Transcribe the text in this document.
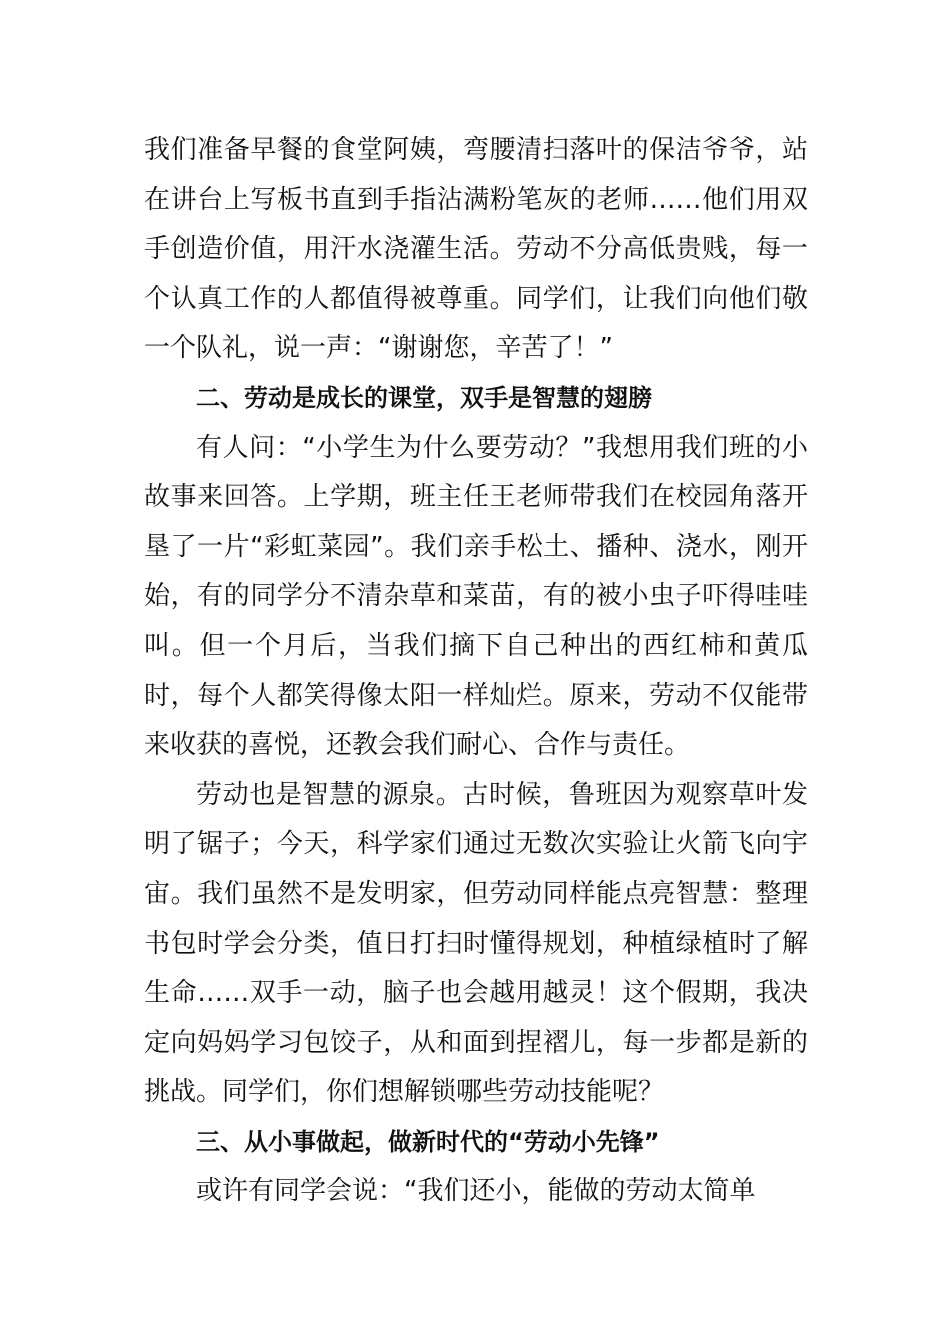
我们准备早餐的食堂阿姨，弯腰清扫落叶的保洁爷爷，站在讲台上写板书直到手指沾满粉笔灰的老师……他们用双手创造价值，用汗水浇灌生活。劳动不分高低贵贱，每一个认真工作的人都值得被尊重。同学们，让我们向他们敬一个队礼，说一声：“谢谢您，辛苦了！”

二、劳动是成长的课堂，双手是智慧的翅膀

有人问：“小学生为什么要劳动？”我想用我们班的小故事来回答。上学期，班主任王老师带我们在校园角落开垦了一片“彩虹菜园”。我们亲手松土、播种、浇水，刚开始，有的同学分不清杂草和菜苗，有的被小虫子吓得哇哇叫。但一个月后，当我们摘下自己种出的西红柿和黄瓜时，每个人都笑得像太阳一样灿烂。原来，劳动不仅能带来收获的喜悦，还教会我们耐心、合作与责任。

劳动也是智慧的源泉。古时候，鲁班因为观察草叶发明了锯子；今天，科学家们通过无数次实验让火箭飞向宇宙。我们虽然不是发明家，但劳动同样能点亮智慧：整理书包时学会分类，值日打扫时懂得规划，种植绿植时了解生命……双手一动，脑子也会越用越灵！这个假期，我决定向妈妈学习包饺子，从和面到捏褶儿，每一步都是新的挑战。同学们，你们想解锁哪些劳动技能呢？

三、从小事做起，做新时代的“劳动小先锋”

或许有同学会说：“我们还小，能做的劳动太简单
